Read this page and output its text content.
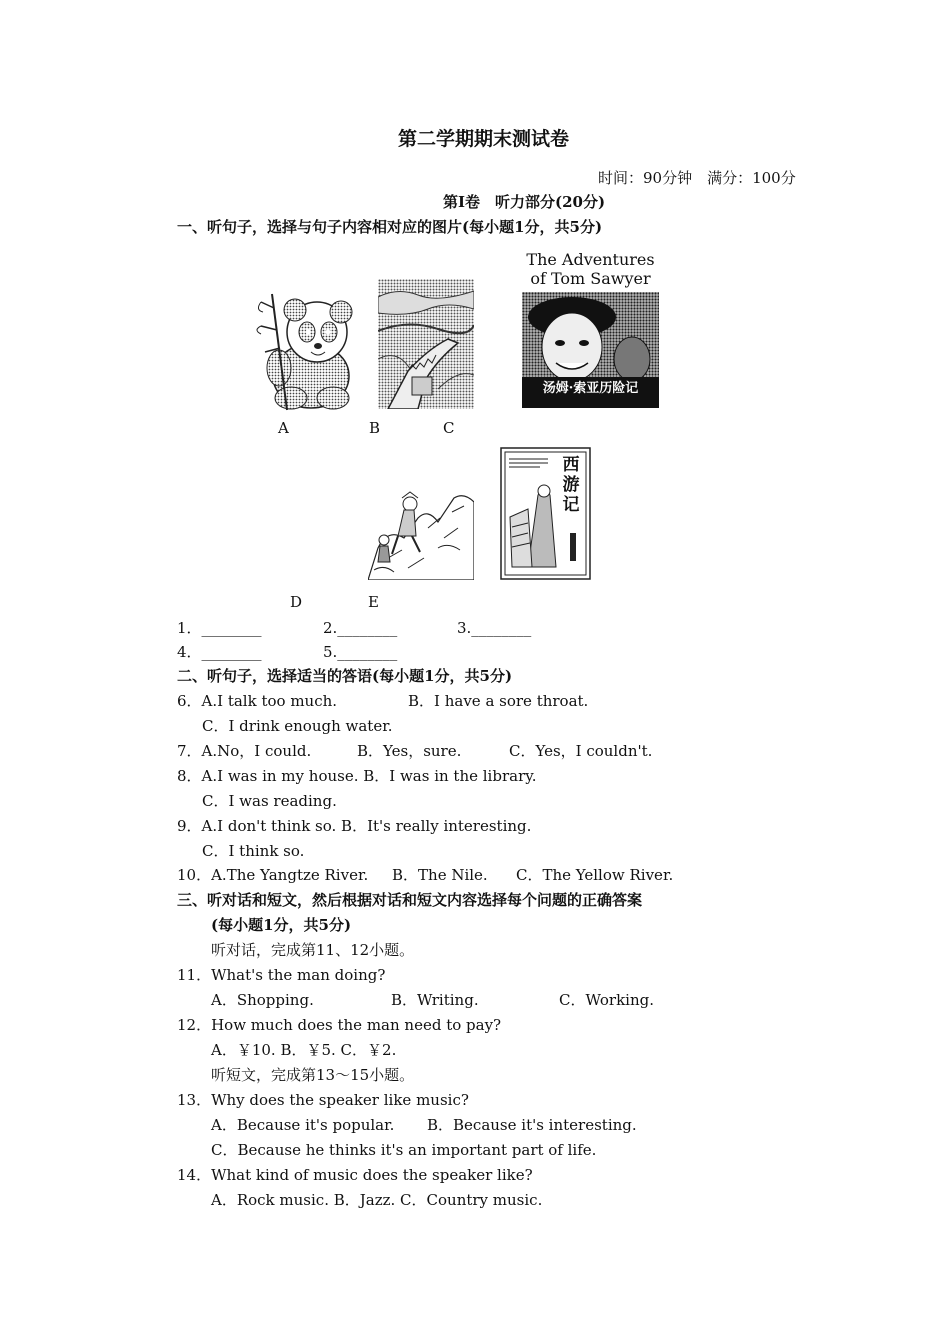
第二学期期末测试卷
时间：90分钟　满分：100分
第Ⅰ卷　听力部分(20分)
一、听句子，选择与句子内容相对应的图片(每小题1分，共5分)
The Adventures
of Tom Sawyer
汤姆·索亚历险记
A	B	C
西游记
D	E
1．________	2.________	3.________
4．________	5.________
二、听句子，选择适当的答语(每小题1分，共5分)
6．A.I talk too much.	B．I have a sore throat.
C．I drink enough water.
7．A.No，I could.	B．Yes，sure.	C．Yes，I couldn't.
8．A.I was in my house. B．I was in the library.
C．I was reading.
9．A.I don't think so. B．It's really interesting.
C．I think so.
10．A.The Yangtze River. B．The Nile. C．The Yellow River.
三、听对话和短文，然后根据对话和短文内容选择每个问题的正确答案
(每小题1分，共5分)
听对话，完成第11、12小题。
11．What's the man doing?
A．Shopping.	B．Writing.	C．Working.
12．How much does the man need to pay?
A．￥10. B．￥5. C．￥2.
听短文，完成第13～15小题。
13．Why does the speaker like music?
A．Because it's popular. B．Because it's interesting.
C．Because he thinks it's an important part of life.
14．What kind of music does the speaker like?
A．Rock music. B．Jazz. C．Country music.
